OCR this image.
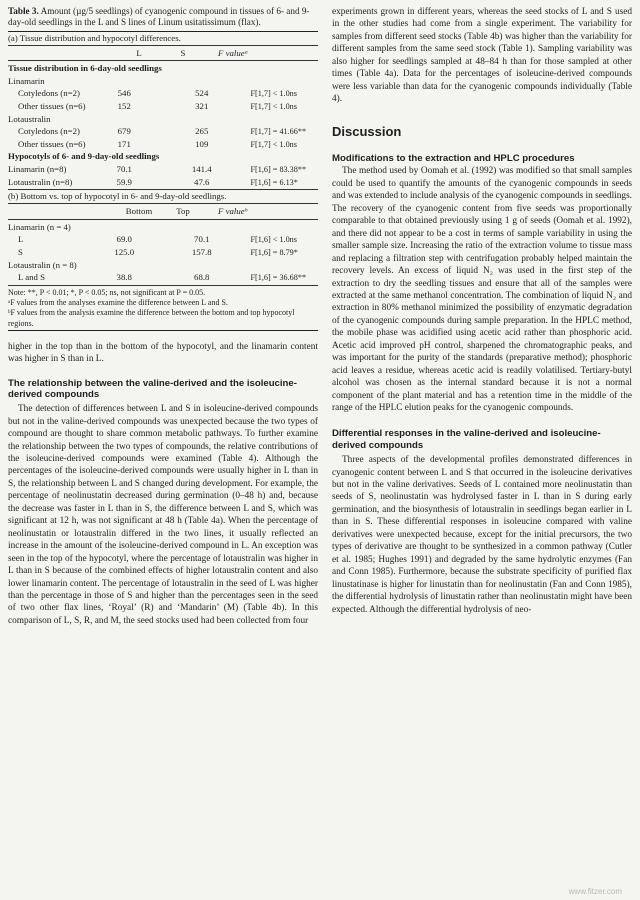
Table 3. Amount (µg/5 seedlings) of cyanogenic compound in tissues of 6- and 9-day-old seedlings in the L and S lines of Linum usitatissimum (flax).

(a) Tissue distribution and hypocotyl differences.
	L	S	F valueᵃ
Tissue distribution in 6-day-old seedlings			
Linamarin			
Cotyledons (n=2)	546	524	F[1,7] < 1.0ns
Other tissues (n=6)	152	321	F[1,7] < 1.0ns
Lotaustralin			
Cotyledons (n=2)	679	265	F[1,7] = 41.66**
Other tissues (n=6)	171	109	F[1,7] < 1.0ns
Hypocotyls of 6- and 9-day-old seedlings			
Linamarin (n=8)	70.1	141.4	F[1,6] = 83.38**
Lotaustralin (n=8)	59.9	47.6	F[1,6] = 6.13*
(b) Bottom vs. top of hypocotyl in 6- and 9-day-old seedlings.
	Bottom	Top	F valueᵇ
Linamarin (n = 4)			
L	69.0	70.1	F[1,6] < 1.0ns
S	125.0	157.8	F[1,6] = 8.79*
Lotaustralin (n = 8)			
L and S	38.8	68.8	F[1,6] = 36.68**

Note: **, P < 0.01; *, P < 0.05; ns, not significant at P = 0.05.

ᵃF values from the analyses examine the difference between L and S.

ᵇF values from the analysis examine the difference between the bottom and top hypocotyl regions.

higher in the top than in the bottom of the hypocotyl, and the linamarin content was higher in S than in L.

The relationship between the valine-derived and the isoleucine-derived compounds

The detection of differences between L and S in isoleucine-derived compounds but not in the valine-derived compounds was unexpected because the two types of compound are thought to share common metabolic pathways. To further examine the relationship between the two types of compounds, the relative contributions of the isoleucine-derived compounds were examined (Table 4). Although the percentages of the isoleucine-derived compounds were usually higher in L than in S, the relationship between L and S changed during development. For example, the percentage of neolinustatin decreased during germination (0–48 h) and, because the decrease was faster in L than in S, the difference between L and S, which was significant at 12 h, was not significant at 48 h (Table 4a). When the percentage of neolinustatin or lotaustralin differed in the two lines, it usually reflected an increase in the amount of the isoleucine-derived compound in L. An exception was seen in the top of the hypocotyl, where the percentage of lotaustralin was higher in L than in S because of the combined effects of higher lotaustralin content and also lower linamarin content. The percentage of lotaustralin in the seed of L was higher than the percentage in those of S and higher than the percentages seen in the seed of two other flax lines, ‘Royal’ (R) and ‘Mandarin’ (M) (Table 4b). In this comparison of L, S, R, and M, the seed stocks used had been collected from four

experiments grown in different years, whereas the seed stocks of L and S used in the other studies had come from a single experiment. The variability for samples from different seed stocks (Table 4b) was higher than the variability for different samples from the same seed stock (Table 1). Sampling variability was also higher for seedlings sampled at 48–84 h than for those sampled at other times (Table 4a). Data for the percentages of isoleucine-derived compounds were less variable than data for the cyanogenic compounds individually (Table 4).

Discussion
Modifications to the extraction and HPLC procedures

The method used by Oomah et al. (1992) was modified so that small samples could be used to quantify the amounts of the cyanogenic compounds in seeds and was extended to include analysis of the cyanogenic compounds in seedlings. The recovery of the cyanogenic content from five seeds was proportionally comparable to that obtained previously using 1 g of seeds (Oomah et al. 1992), and there did not appear to be a cost in terms of sample variability in using the smaller sample size. Increasing the ratio of the extraction volume to tissue mass and replacing a filtration step with centrifugation probably helped maintain the recovery levels. An excess of liquid N₂ was used in the first step of the extraction to dry the seedling tissues and ensure that all of the samples were extracted at the same methanol concentration. The combination of liquid N₂ and extraction in 80% methanol minimized the possibility of enzymatic degradation of the cyanogenic compounds during sample preparation. In the HPLC method, the mobile phase was acidified using acetic acid rather than phosphoric acid. Acetic acid improved pH control, sharpened the chromatographic peaks, and was important for the purity of the standards (preparative method); phosphoric acid leaves a residue, whereas acetic acid is readily volatilised. Tertiary-butyl alcohol was chosen as the internal standard because it is not a normal component of the plant material and has a retention time in the middle of the range of the HPLC elution peaks for the cyanogenic compounds.

Differential responses in the valine-derived and isoleucine-derived compounds

Three aspects of the developmental profiles demonstrated differences in cyanogenic content between L and S that occurred in the isoleucine derivatives but not in the valine derivatives. Seeds of L contained more neolinustatin than seeds of S, neolinustatin was hydrolysed faster in L than in S during early germination, and the biosynthesis of lotaustralin in seedlings began earlier in L than in S. These differential responses in isoleucine compared with valine derivatives were unexpected because, except for the initial precursors, the two types of derivative are thought to be synthesized in a common pathway (Cutler et al. 1985; Hughes 1991) and degraded by the same hydrolytic enzymes (Fan and Conn 1985). Furthermore, because the substrate specificity of purified flax linustatinase is higher for linustatin than for neolinustatin (Fan and Conn 1985), the differential hydrolysis of linustatin rather than neolinustatin might have been expected. Although the differential hydrolysis of neo-

www.fitzer.com
